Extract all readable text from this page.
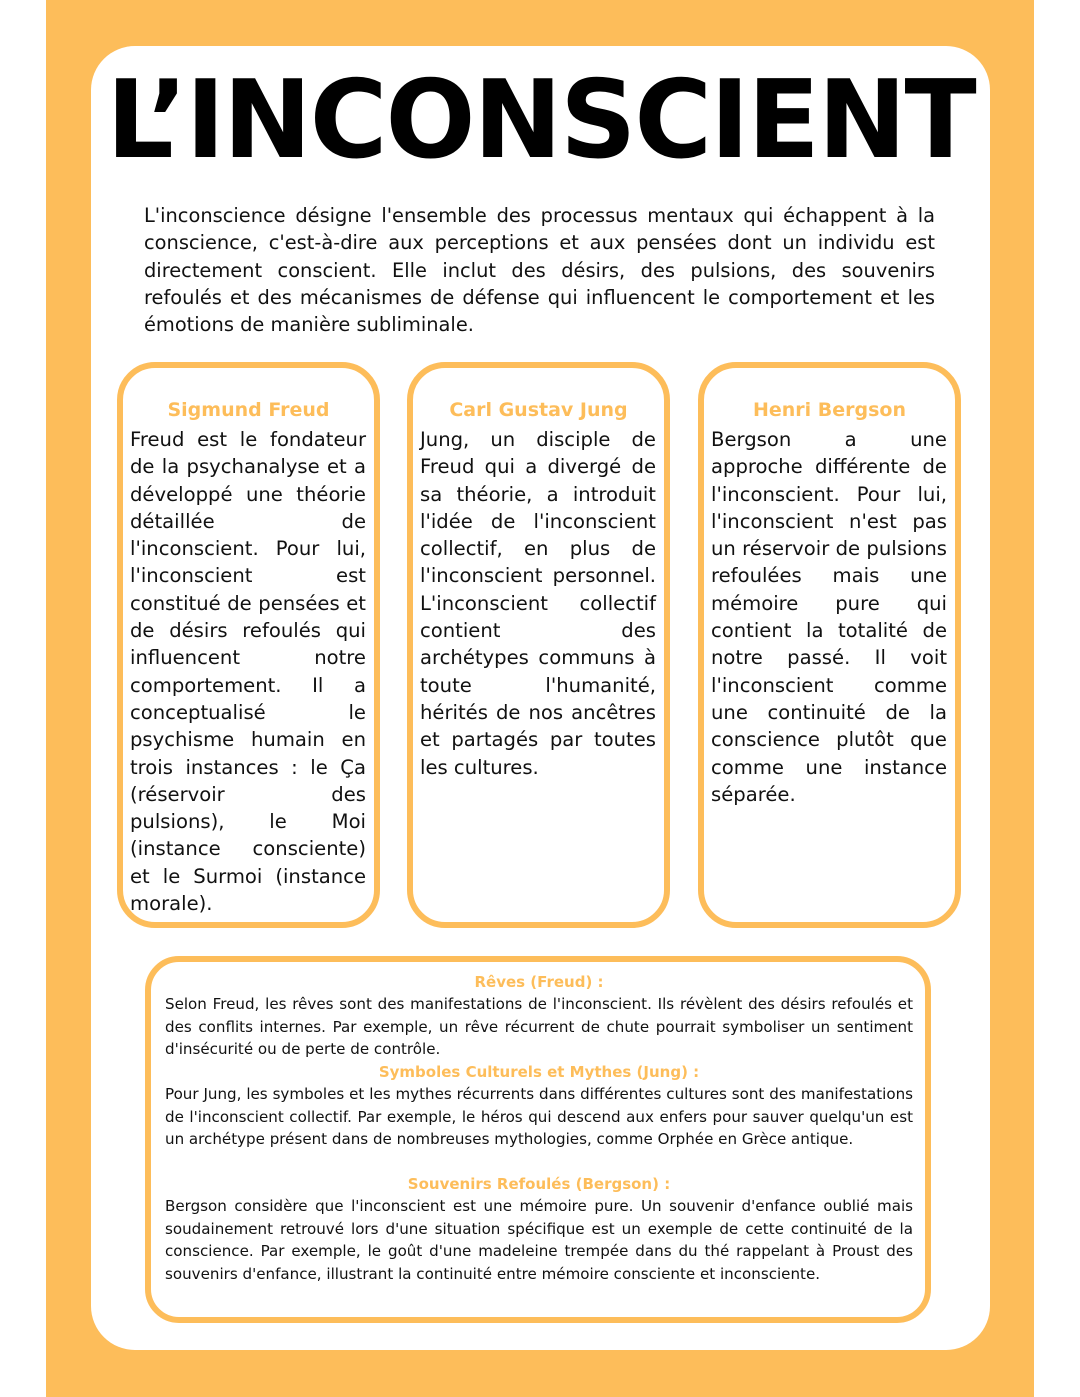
L’INCONSCIENT

L'inconscience désigne l'ensemble des processus mentaux qui échappent à la conscience, c'est-à-dire aux perceptions et aux pensées dont un individu est directement conscient. Elle inclut des désirs, des pulsions, des souvenirs refoulés et des mécanismes de défense qui influencent le comportement et les émotions de manière subliminale.

Sigmund Freud

Freud est le fondateur de la psychanalyse et a développé une théorie détaillée de l'inconscient. Pour lui, l'inconscient est constitué de pensées et de désirs refoulés qui influencent notre comportement. Il a conceptualisé le psychisme humain en trois instances : le Ça (réservoir des pulsions), le Moi (instance consciente) et le Surmoi (instance morale).

Carl Gustav Jung

Jung, un disciple de Freud qui a divergé de sa théorie, a introduit l'idée de l'inconscient collectif, en plus de l'inconscient personnel. L'inconscient collectif contient des archétypes communs à toute l'humanité, hérités de nos ancêtres et partagés par toutes les cultures.

Henri Bergson

Bergson a une approche différente de l'inconscient. Pour lui, l'inconscient n'est pas un réservoir de pulsions refoulées mais une mémoire pure qui contient la totalité de notre passé. Il voit l'inconscient comme une continuité de la conscience plutôt que comme une instance séparée.

Rêves (Freud) :

Selon Freud, les rêves sont des manifestations de l'inconscient. Ils révèlent des désirs refoulés et des conflits internes. Par exemple, un rêve récurrent de chute pourrait symboliser un sentiment d'insécurité ou de perte de contrôle.

Symboles Culturels et Mythes (Jung) :

Pour Jung, les symboles et les mythes récurrents dans différentes cultures sont des manifestations de l'inconscient collectif. Par exemple, le héros qui descend aux enfers pour sauver quelqu'un est un archétype présent dans de nombreuses mythologies, comme Orphée en Grèce antique.

Souvenirs Refoulés (Bergson) :

Bergson considère que l'inconscient est une mémoire pure. Un souvenir d'enfance oublié mais soudainement retrouvé lors d'une situation spécifique est un exemple de cette continuité de la conscience. Par exemple, le goût d'une madeleine trempée dans du thé rappelant à Proust des souvenirs d'enfance, illustrant la continuité entre mémoire consciente et inconsciente.
